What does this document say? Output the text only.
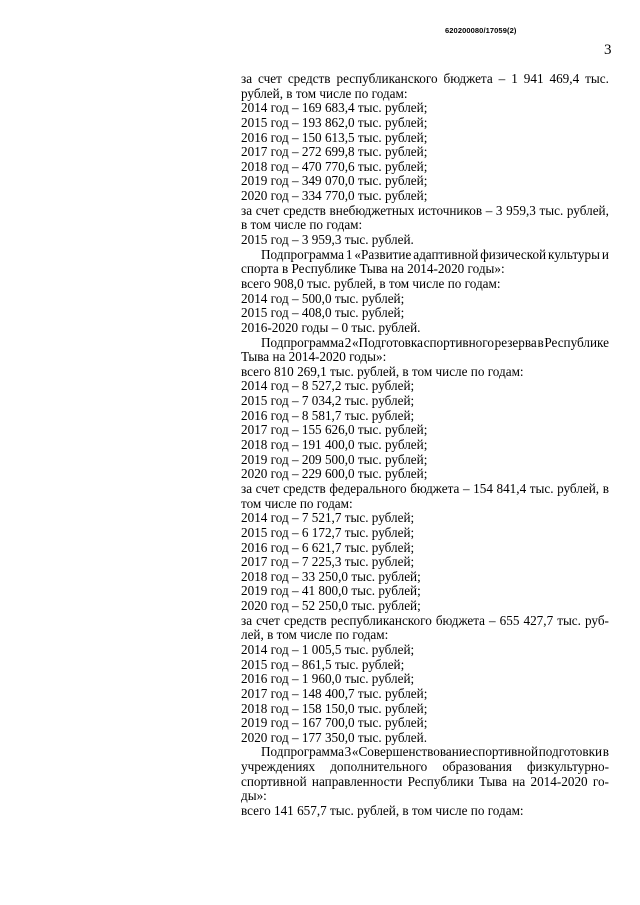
620200080/17059(2)
3
за счет средств республиканского бюджета – 1 941 469,4 тыс.
рублей, в том числе по годам:
2014 год – 169 683,4 тыс. рублей;
2015 год – 193 862,0 тыс. рублей;
2016 год – 150 613,5 тыс. рублей;
2017 год – 272 699,8 тыс. рублей;
2018 год – 470 770,6 тыс. рублей;
2019 год – 349 070,0 тыс. рублей;
2020 год – 334 770,0 тыс. рублей;
за счет средств внебюджетных источников – 3 959,3 тыс. рублей,
в том числе по годам:
2015 год – 3 959,3 тыс. рублей.
Подпрограмма 1 «Развитие адаптивной физической культуры и
спорта в Республике Тыва на 2014-2020 годы»:
всего 908,0 тыс. рублей, в том числе по годам:
2014 год – 500,0 тыс. рублей;
2015 год – 408,0 тыс. рублей;
2016-2020 годы – 0 тыс. рублей.
Подпрограмма 2 «Подготовка спортивного резерва в Республике
Тыва на 2014-2020 годы»:
всего 810 269,1 тыс. рублей, в том числе по годам:
2014 год – 8 527,2 тыс. рублей;
2015 год – 7 034,2 тыс. рублей;
2016 год – 8 581,7 тыс. рублей;
2017 год – 155 626,0 тыс. рублей;
2018 год – 191 400,0 тыс. рублей;
2019 год – 209 500,0 тыс. рублей;
2020 год – 229 600,0 тыс. рублей;
за счет средств федерального бюджета – 154 841,4 тыс. рублей, в
том числе по годам:
2014 год – 7 521,7 тыс. рублей;
2015 год – 6 172,7 тыс. рублей;
2016 год – 6 621,7 тыс. рублей;
2017 год – 7 225,3 тыс. рублей;
2018 год – 33 250,0 тыс. рублей;
2019 год – 41 800,0 тыс. рублей;
2020 год – 52 250,0 тыс. рублей;
за счет средств республиканского бюджета – 655 427,7 тыс. руб-
лей, в том числе по годам:
2014 год – 1 005,5 тыс. рублей;
2015 год – 861,5 тыс. рублей;
2016 год – 1 960,0 тыс. рублей;
2017 год – 148 400,7 тыс. рублей;
2018 год – 158 150,0 тыс. рублей;
2019 год – 167 700,0 тыс. рублей;
2020 год – 177 350,0 тыс. рублей.
Подпрограмма 3 «Совершенствование спортивной подготовки в
учреждениях дополнительного образования физкультурно-
спортивной направленности Республики Тыва на 2014-2020 го-
ды»:
всего 141 657,7 тыс. рублей, в том числе по годам:
